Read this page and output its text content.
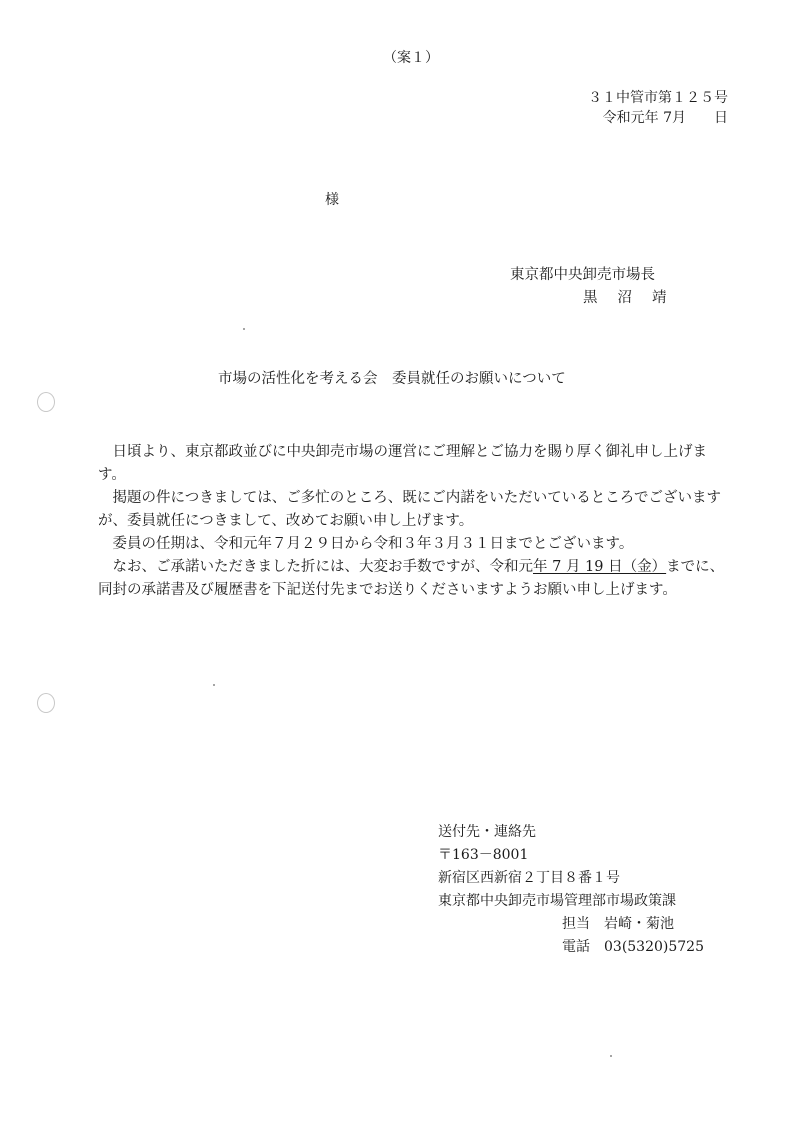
（案１）
３１中管市第１２５号
令和元年 7月　　日
様
東京都中央卸売市場長
黒 沼 靖
市場の活性化を考える会　委員就任のお願いについて

日頃より、東京都政並びに中央卸売市場の運営にご理解とご協力を賜り厚く御礼申し上げます。

掲題の件につきましては、ご多忙のところ、既にご内諾をいただいているところでございますが、委員就任につきまして、改めてお願い申し上げます。

委員の任期は、令和元年７月２９日から令和３年３月３１日までとございます。

なお、ご承諾いただきました折には、大変お手数ですが、令和元年 7 月 19 日（金）までに、同封の承諾書及び履歴書を下記送付先までお送りくださいますようお願い申し上げます。

送付先・連絡先
〒163－8001
新宿区西新宿２丁目８番１号
東京都中央卸売市場管理部市場政策課
担当　岩崎・菊池
電話　03(5320)5725
